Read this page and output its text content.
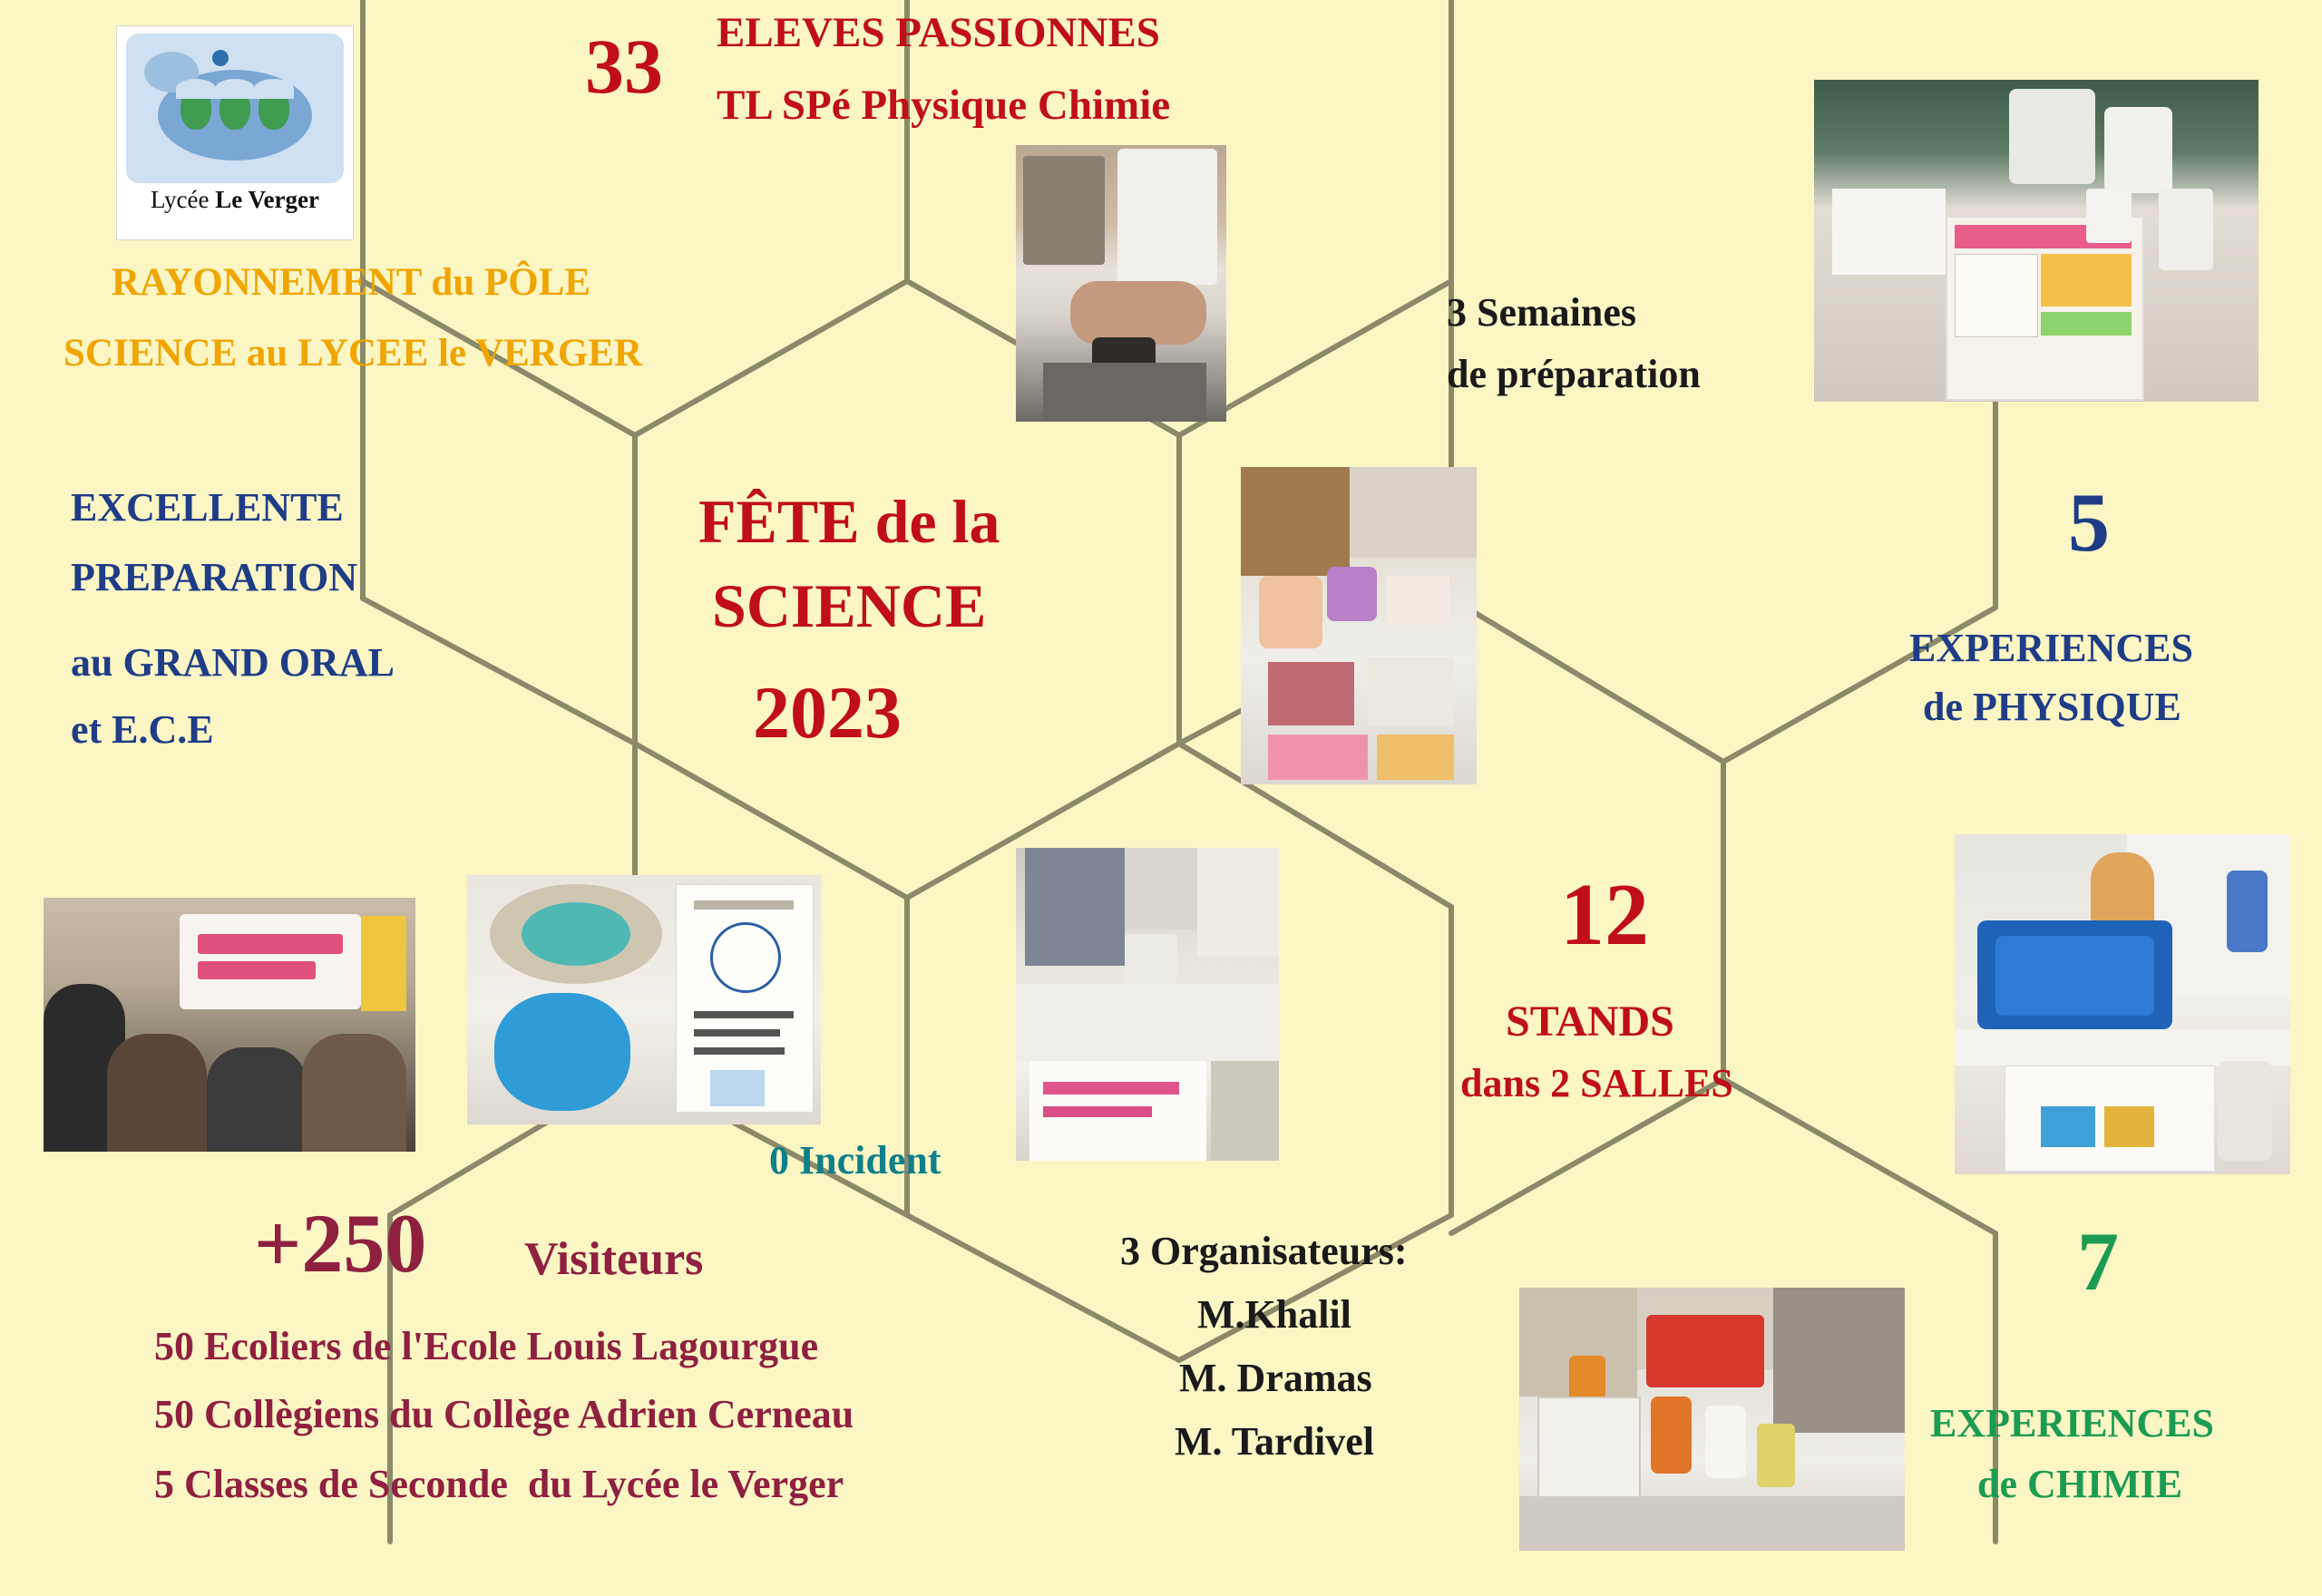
Lycée Le Verger
33 ELEVES PASSIONNES
TL SPé Physique Chimie
RAYONNEMENT du PÔLE
SCIENCE au LYCEE le VERGER
3 Semaines
de préparation
EXCELLENTE
PREPARATION
au GRAND ORAL
et E.C.E
FÊTE de la
SCIENCE
2023
5
EXPERIENCES
de PHYSIQUE
12
STANDS
dans 2 SALLES
0 Incident
+250 Visiteurs
50 Ecoliers de l'Ecole Louis Lagourgue
50 Collègiens du Collège Adrien Cerneau
5 Classes de Seconde  du Lycée le Verger
3 Organisateurs:
M.Khalil
M. Dramas
M. Tardivel
7
EXPERIENCES
de CHIMIE
